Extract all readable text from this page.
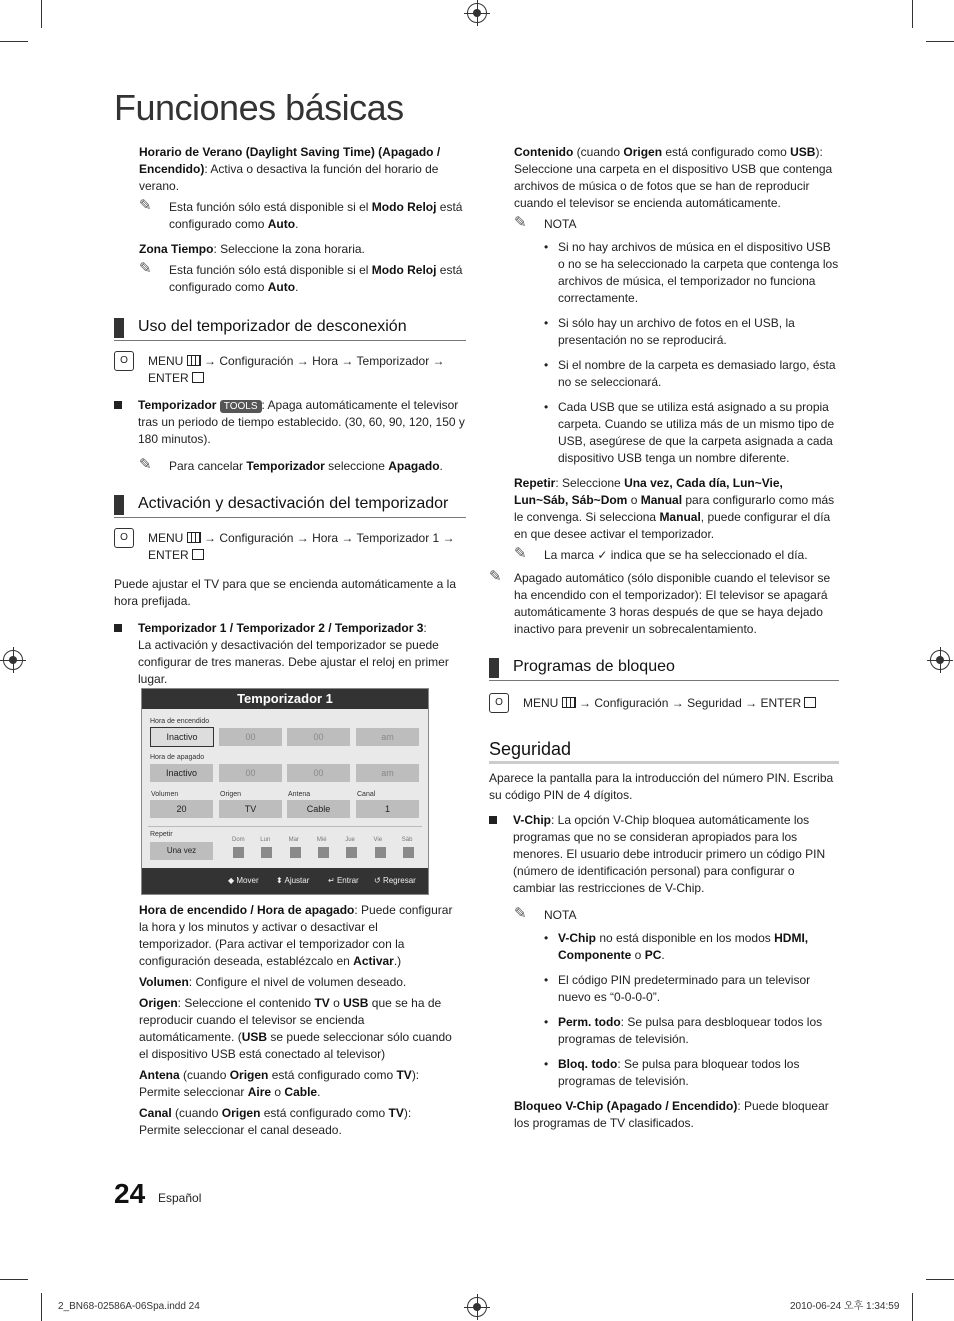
Funciones básicas

Horario de Verano (Daylight Saving Time) (Apagado / Encendido): Activa o desactiva la función del horario de verano.

✎ Esta función sólo está disponible si el Modo Reloj está configurado como Auto.

Zona Tiempo: Seleccione la zona horaria.

✎ Esta función sólo está disponible si el Modo Reloj está configurado como Auto.

Uso del temporizador de desconexión
O	MENU  → Configuración → Hora → Temporizador →
ENTER
Temporizador TOOLS : Apaga automáticamente el televisor tras un periodo de tiempo establecido. (30, 60, 90, 120, 150 y 180 minutos).

✎ Para cancelar Temporizador seleccione Apagado.

Activación y desactivación del temporizador
O	MENU  → Configuración → Hora → Temporizador 1 →
ENTER

Puede ajustar el TV para que se encienda automáticamente a la hora prefijada.

Temporizador 1 / Temporizador 2 / Temporizador 3:
La activación y desactivación del temporizador se puede configurar de tres maneras. Debe ajustar el reloj en primer lugar.
Temporizador 1
Hora de encendido
Inactivo	00	00	am
Hora de apagado
Inactivo	00	00	am
Volumen	Origen	Antena	Canal
20	TV	Cable	1
Repetir
Una vez
Dom	Lun	Mar	Mié	Jue	Vie	Sáb
◆ Mover ⬍ Ajustar ↵ Entrar ↺ Regresar

Hora de encendido / Hora de apagado: Puede configurar la hora y los minutos y activar o desactivar el temporizador. (Para activar el temporizador con la configuración deseada, establézcalo en Activar.)

Volumen: Configure el nivel de volumen deseado.

Origen: Seleccione el contenido TV o USB que se ha de reproducir cuando el televisor se encienda automáticamente. (USB se puede seleccionar sólo cuando el dispositivo USB está conectado al televisor)

Antena (cuando Origen está configurado como TV): Permite seleccionar Aire o Cable.

Canal (cuando Origen está configurado como TV): Permite seleccionar el canal deseado.

Contenido (cuando Origen está configurado como USB): Seleccione una carpeta en el dispositivo USB que contenga archivos de música o de fotos que se han de reproducir cuando el televisor se encienda automáticamente.

✎ NOTA

• Si no hay archivos de música en el dispositivo USB o no se ha seleccionado la carpeta que contenga los archivos de música, el temporizador no funciona correctamente.

• Si sólo hay un archivo de fotos en el USB, la presentación no se reproducirá.

• Si el nombre de la carpeta es demasiado largo, ésta no se seleccionará.

• Cada USB que se utiliza está asignado a su propia carpeta. Cuando se utiliza más de un mismo tipo de USB, asegúrese de que la carpeta asignada a cada dispositivo USB tenga un nombre diferente.

Repetir: Seleccione Una vez, Cada día, Lun~Vie, Lun~Sáb, Sáb~Dom o Manual para configurarlo como más le convenga. Si selecciona Manual, puede configurar el día en que desee activar el temporizador.

✎ La marca ✓ indica que se ha seleccionado el día.

✎ Apagado automático (sólo disponible cuando el televisor se ha encendido con el temporizador): El televisor se apagará automáticamente 3 horas después de que se haya dejado inactivo para prevenir un sobrecalentamiento.

Programas de bloqueo
O	MENU  → Configuración → Seguridad → ENTER
Seguridad

Aparece la pantalla para la introducción del número PIN. Escriba su código PIN de 4 dígitos.

V-Chip: La opción V-Chip bloquea automáticamente los programas que no se consideran apropiados para los menores. El usuario debe introducir primero un código PIN (número de identificación personal) para configurar o cambiar las restricciones de V-Chip.

✎ NOTA

• V-Chip no está disponible en los modos HDMI, Componente o PC.

• El código PIN predeterminado para un televisor nuevo es “0-0-0-0”.

• Perm. todo: Se pulsa para desbloquear todos los programas de televisión.

• Bloq. todo: Se pulsa para bloquear todos los programas de televisión.

Bloqueo V-Chip (Apagado / Encendido): Puede bloquear los programas de TV clasificados.

24 Español
2_BN68-02586A-06Spa.indd 24	2010-06-24 오후 1:34:59
